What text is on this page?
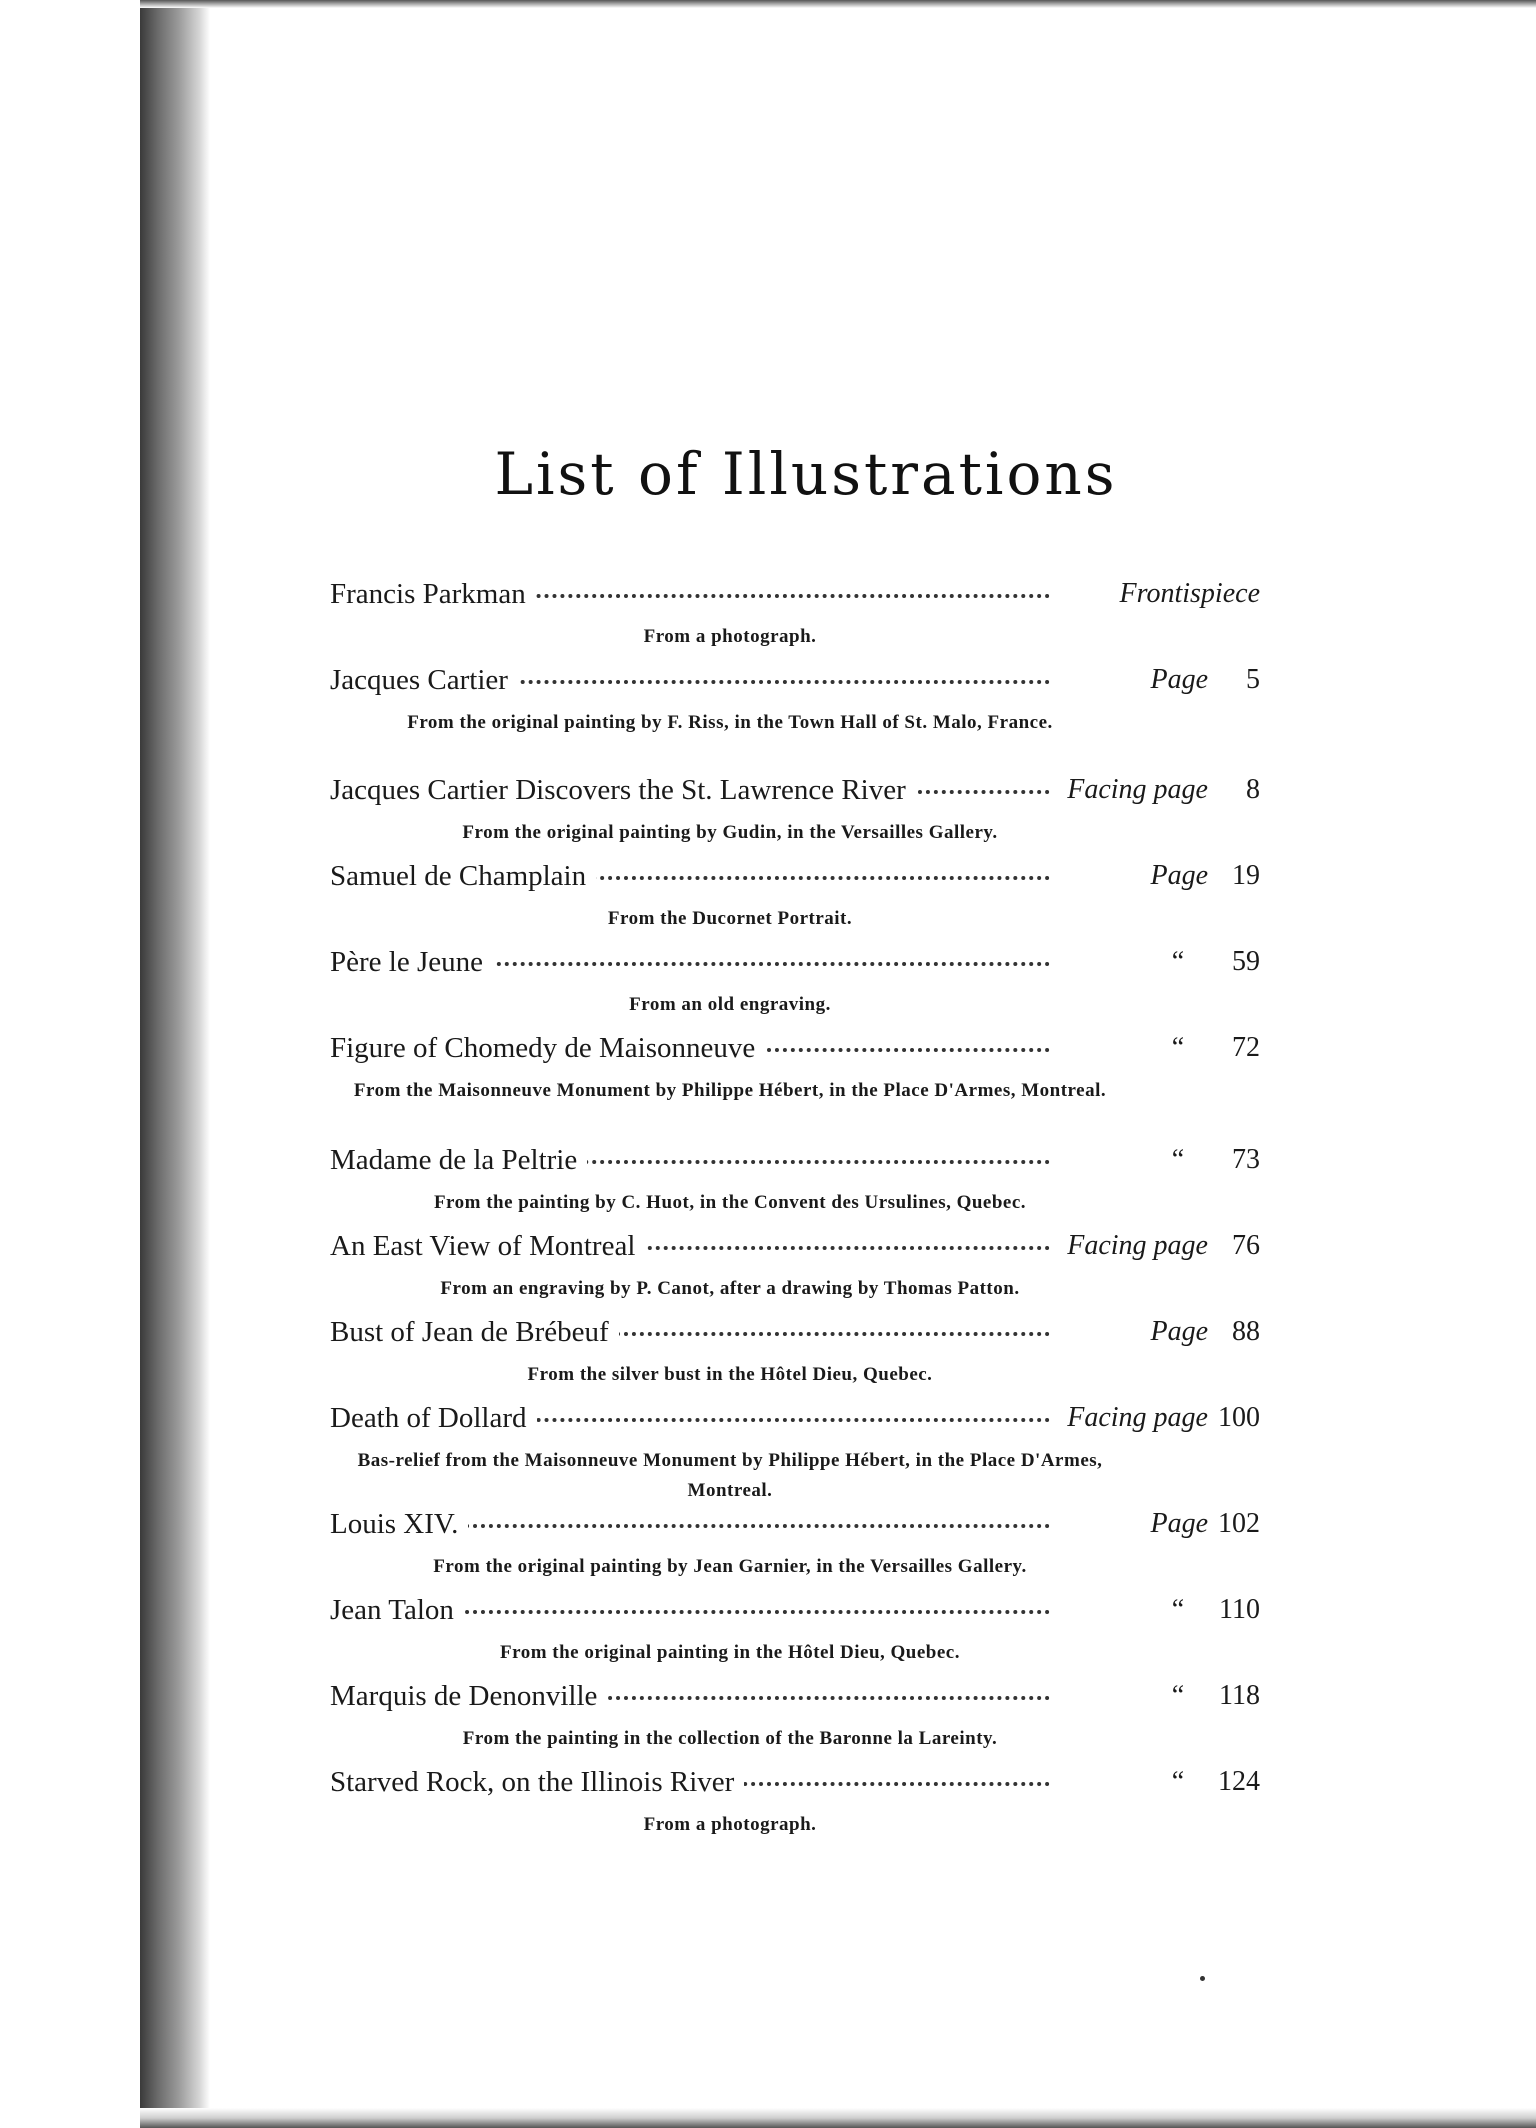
List of Illustrations
Francis Parkman	Frontispiece
From a photograph.
Jacques Cartier	Page 5
From the original painting by F. Riss, in the Town Hall of St. Malo, France.
Jacques Cartier Discovers the St. Lawrence River	Facing page 8
From the original painting by Gudin, in the Versailles Gallery.
Samuel de Champlain	Page 19
From the Ducornet Portrait.
Père le Jeune	“ 59
From an old engraving.
Figure of Chomedy de Maisonneuve	“ 72
From the Maisonneuve Monument by Philippe Hébert, in the Place D'Armes, Montreal.
Madame de la Peltrie	“ 73
From the painting by C. Huot, in the Convent des Ursulines, Quebec.
An East View of Montreal	Facing page 76
From an engraving by P. Canot, after a drawing by Thomas Patton.
Bust of Jean de Brébeuf	Page 88
From the silver bust in the Hôtel Dieu, Quebec.
Death of Dollard	Facing page 100
Bas-relief from the Maisonneuve Monument by Philippe Hébert, in the Place D'Armes, Montreal.
Louis XIV.	Page 102
From the original painting by Jean Garnier, in the Versailles Gallery.
Jean Talon	“ 110
From the original painting in the Hôtel Dieu, Quebec.
Marquis de Denonville	“ 118
From the painting in the collection of the Baronne la Lareinty.
Starved Rock, on the Illinois River	“ 124
From a photograph.
